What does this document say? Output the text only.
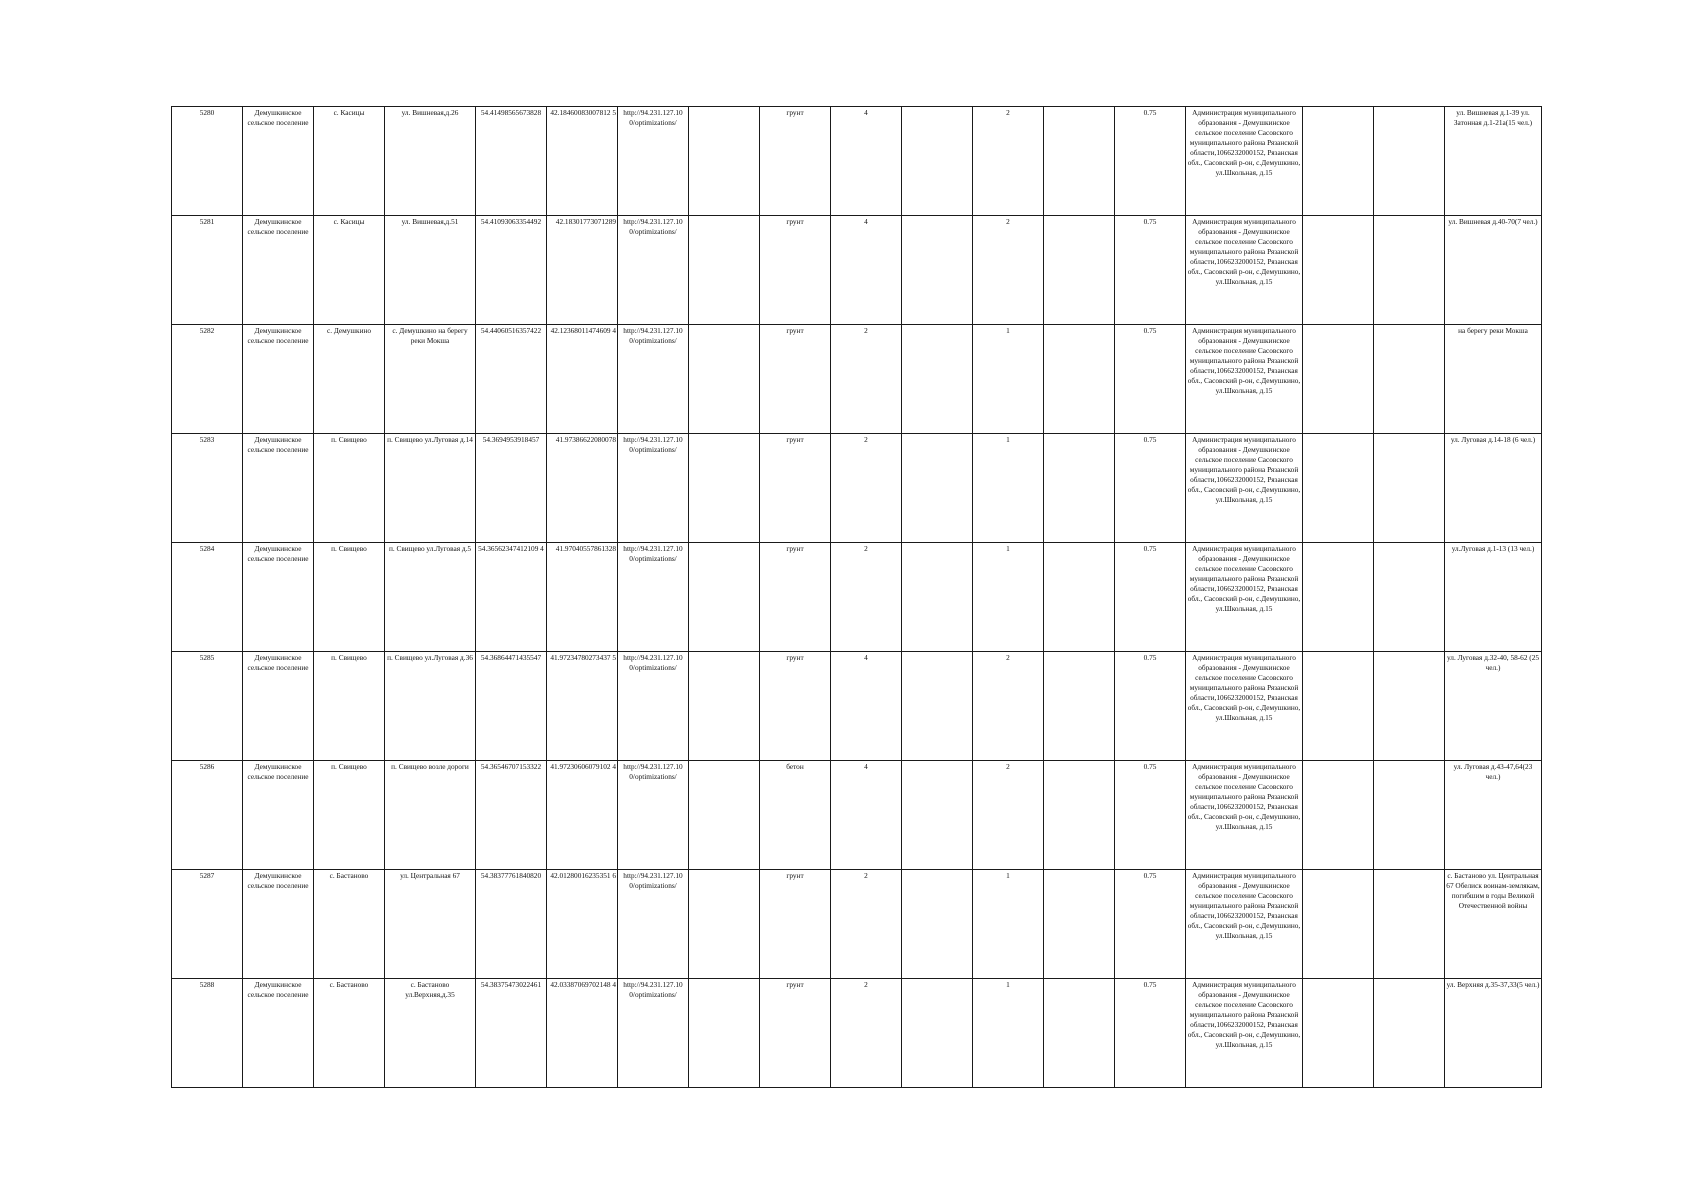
5280	Демушкинское сельское поселение	с. Касицы	ул. Вишневая,д.26	54.41498565673828	42.18460083007812 5	http://94.231.127.10 0/optimizations/		грунт	4		2		0.75	Администрация муниципального образования - Демушкинское сельское поселение Сасовского муниципального района Рязанской области,1066232000152, Рязанская обл., Сасовский р-он, с.Демушкино, ул.Школьная, д.15			ул. Вишневая д.1-39 ул. Затонная д.1-21а(15 чел.)
5281	Демушкинское сельское поселение	с. Касицы	ул. Вишневая,д.51	54.41093063354492	42.18301773071289	http://94.231.127.10 0/optimizations/		грунт	4		2		0.75	Администрация муниципального образования - Демушкинское сельское поселение Сасовского муниципального района Рязанской области,1066232000152, Рязанская обл., Сасовский р-он, с.Демушкино, ул.Школьная, д.15			ул. Вишневая д.40-70(7 чел.)
5282	Демушкинское сельское поселение	с. Демушкино	с. Демушкино на берегу реки Мокша	54.44060516357422	42.12368011474609 4	http://94.231.127.10 0/optimizations/		грунт	2		1		0.75	Администрация муниципального образования - Демушкинское сельское поселение Сасовского муниципального района Рязанской области,1066232000152, Рязанская обл., Сасовский р-он, с.Демушкино, ул.Школьная, д.15			на берегу реки Мокша
5283	Демушкинское сельское поселение	п. Свищево	п. Свищево ул.Луговая д.14	54.3694953918457	41.97386622080078	http://94.231.127.10 0/optimizations/		грунт	2		1		0.75	Администрация муниципального образования - Демушкинское сельское поселение Сасовского муниципального района Рязанской области,1066232000152, Рязанская обл., Сасовский р-он, с.Демушкино, ул.Школьная, д.15			ул. Луговая д.14-18 (6 чел.)
5284	Демушкинское сельское поселение	п. Свищево	п. Свищево ул.Луговая д.5	54.36562347412109 4	41.97040557861328	http://94.231.127.10 0/optimizations/		грунт	2		1		0.75	Администрация муниципального образования - Демушкинское сельское поселение Сасовского муниципального района Рязанской области,1066232000152, Рязанская обл., Сасовский р-он, с.Демушкино, ул.Школьная, д.15			ул.Луговая д.1-13 (13 чел.)
5285	Демушкинское сельское поселение	п. Свищево	п. Свищево ул.Луговая д.36	54.36864471435547	41.97234780273437 5	http://94.231.127.10 0/optimizations/		грунт	4		2		0.75	Администрация муниципального образования - Демушкинское сельское поселение Сасовского муниципального района Рязанской области,1066232000152, Рязанская обл., Сасовский р-он, с.Демушкино, ул.Школьная, д.15			ул. Луговая д.32-40, 58-62 (25 чел.)
5286	Демушкинское сельское поселение	п. Свищево	п. Свищево возле дороги	54.36546707153322	41.97230606079102 4	http://94.231.127.10 0/optimizations/		бетон	4		2		0.75	Администрация муниципального образования - Демушкинское сельское поселение Сасовского муниципального района Рязанской области,1066232000152, Рязанская обл., Сасовский р-он, с.Демушкино, ул.Школьная, д.15			ул. Луговая д.43-47,64(23 чел.)
5287	Демушкинское сельское поселение	с. Бастаново	ул. Центральная 67	54.38377761840820	42.01280016235351 6	http://94.231.127.10 0/optimizations/		грунт	2		1		0.75	Администрация муниципального образования - Демушкинское сельское поселение Сасовского муниципального района Рязанской области,1066232000152, Рязанская обл., Сасовский р-он, с.Демушкино, ул.Школьная, д.15			с. Бастаново ул. Центральная 67 Обелиск воинам-землякам, погибшим в годы Великой Отечественной войны
5288	Демушкинское сельское поселение	с. Бастаново	с. Бастаново ул.Верхняя,д.35	54.38375473022461	42.03387069702148 4	http://94.231.127.10 0/optimizations/		грунт	2		1		0.75	Администрация муниципального образования - Демушкинское сельское поселение Сасовского муниципального района Рязанской области,1066232000152, Рязанская обл., Сасовский р-он, с.Демушкино, ул.Школьная, д.15			ул. Верхняя д.35-37,33(5 чел.)
